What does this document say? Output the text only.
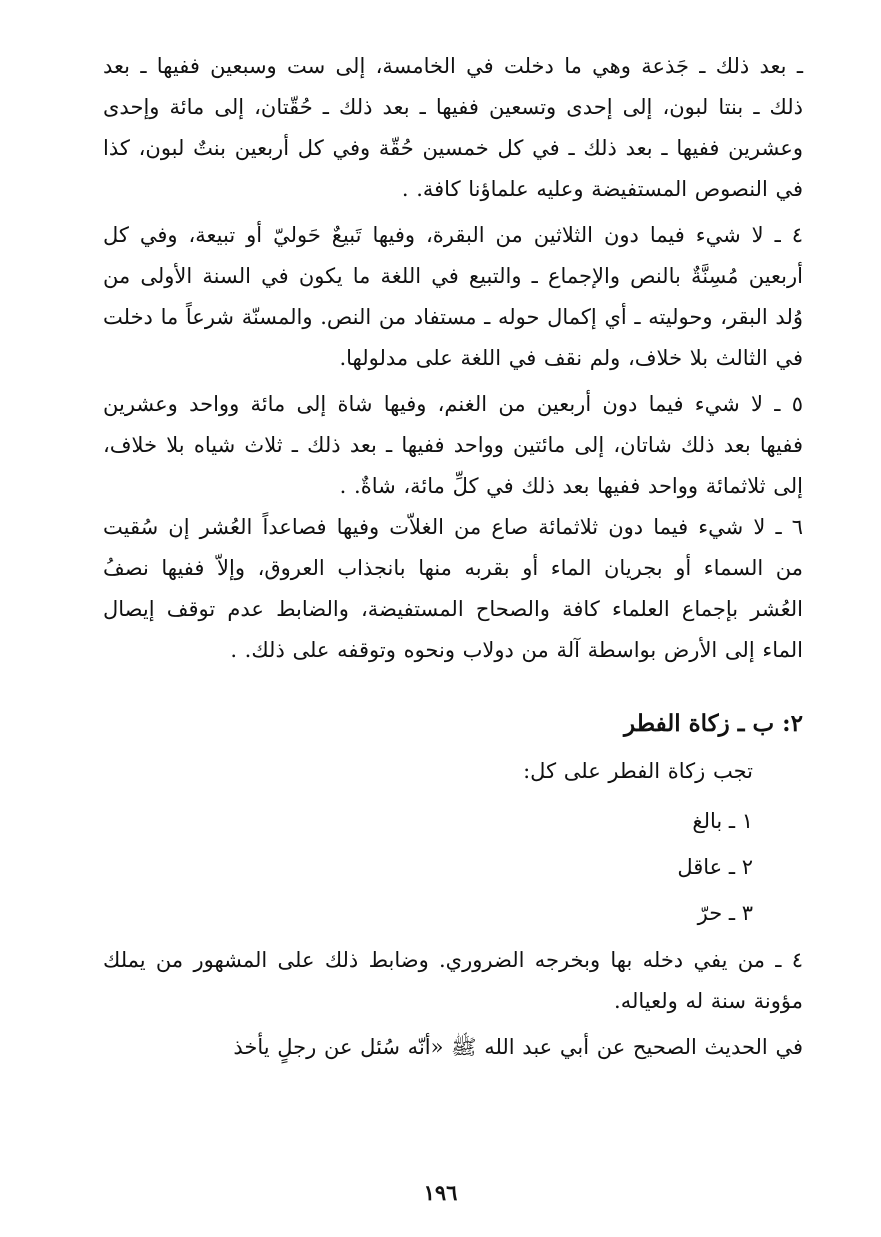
ـ بعد ذلك ـ جَذعة وهي ما دخلت في الخامسة، إلى ست وسبعين ففيها ـ بعد ذلك ـ بنتا لبون، إلى إحدى وتسعين ففيها ـ بعد ذلك ـ حُقّتان، إلى مائة وإحدى وعشرين ففيها ـ بعد ذلك ـ في كل خمسين حُقّة وفي كل أربعين بنتٌ لبون، كذا في النصوص المستفيضة وعليه علماؤنا كافة. .

٤ ـ لا شيء فيما دون الثلاثين من البقرة، وفيها تَبيعٌ حَوليّ أو تبيعة، وفي كل أربعين مُسِنَّةٌ بالنص والإجماع ـ والتبيع في اللغة ما يكون في السنة الأولى من وُلد البقر، وحوليته ـ أي إكمال حوله ـ مستفاد من النص. والمسنّة شرعاً ما دخلت في الثالث بلا خلاف، ولم نقف في اللغة على مدلولها.

٥ ـ لا شيء فيما دون أربعين من الغنم، وفيها شاة إلى مائة وواحد وعشرين ففيها بعد ذلك شاتان، إلى مائتين وواحد ففيها ـ بعد ذلك ـ ثلاث شياه بلا خلاف، إلى ثلاثمائة وواحد ففيها بعد ذلك في كلِّ مائة، شاةٌ. .

٦ ـ لا شيء فيما دون ثلاثمائة صاع من الغلاّت وفيها فصاعداً العُشر إن سُقيت من السماء أو بجريان الماء أو بقربه منها بانجذاب العروق، وإلاّ ففيها نصفُ العُشر بإجماع العلماء كافة والصحاح المستفيضة، والضابط عدم توقف إيصال الماء إلى الأرض بواسطة آلة من دولاب ونحوه وتوقفه على ذلك. .

٢: ب ـ زكاة الفطر

تجب زكاة الفطر على كل:

١ ـ بالغ
٢ ـ عاقل
٣ ـ حرّ

٤ ـ من يفي دخله بها وبخرجه الضروري. وضابط ذلك على المشهور من يملك مؤونة سنة له ولعياله.

في الحديث الصحيح عن أبي عبد الله ﷺ «أنّه سُئل عن رجلٍ يأخذ

١٩٦
